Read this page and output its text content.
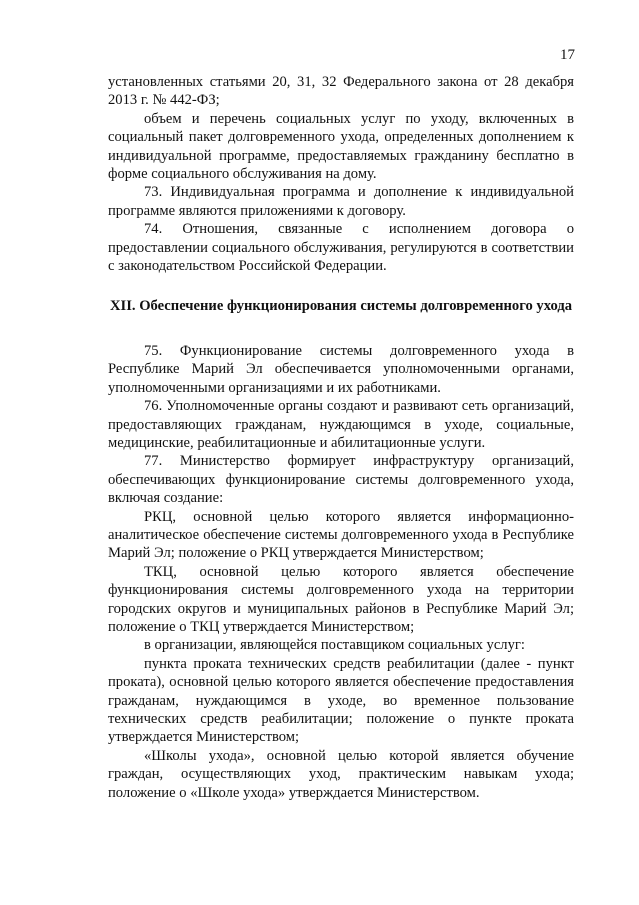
17

установленных статьями 20, 31, 32 Федерального закона от 28 декабря 2013 г. № 442-ФЗ;

объем и перечень социальных услуг по уходу, включенных в социальный пакет долговременного ухода, определенных дополнением к индивидуальной программе, предоставляемых гражданину бесплатно в форме социального обслуживания на дому.

73. Индивидуальная программа и дополнение к индивидуальной программе являются приложениями к договору.

74. Отношения, связанные с исполнением договора о предоставлении социального обслуживания, регулируются в соответствии с законодательством Российской Федерации.

XII. Обеспечение функционирования системы долговременного ухода

75. Функционирование системы долговременного ухода в Республике Марий Эл обеспечивается уполномоченными органами, уполномоченными организациями и их работниками.

76. Уполномоченные органы создают и развивают сеть организаций, предоставляющих гражданам, нуждающимся в уходе, социальные, медицинские, реабилитационные и абилитационные услуги.

77. Министерство формирует инфраструктуру организаций, обеспечивающих функционирование системы долговременного ухода, включая создание:

РКЦ, основной целью которого является информационно-аналитическое обеспечение системы долговременного ухода в Республике Марий Эл; положение о РКЦ утверждается Министерством;

ТКЦ, основной целью которого является обеспечение функционирования системы долговременного ухода на территории городских округов и муниципальных районов в Республике Марий Эл; положение о ТКЦ утверждается Министерством;

в организации, являющейся поставщиком социальных услуг:

пункта проката технических средств реабилитации (далее - пункт проката), основной целью которого является обеспечение предоставления гражданам, нуждающимся в уходе, во временное пользование технических средств реабилитации; положение о пункте проката утверждается Министерством;

«Школы ухода», основной целью которой является обучение граждан, осуществляющих уход, практическим навыкам ухода; положение о «Школе ухода» утверждается Министерством.
